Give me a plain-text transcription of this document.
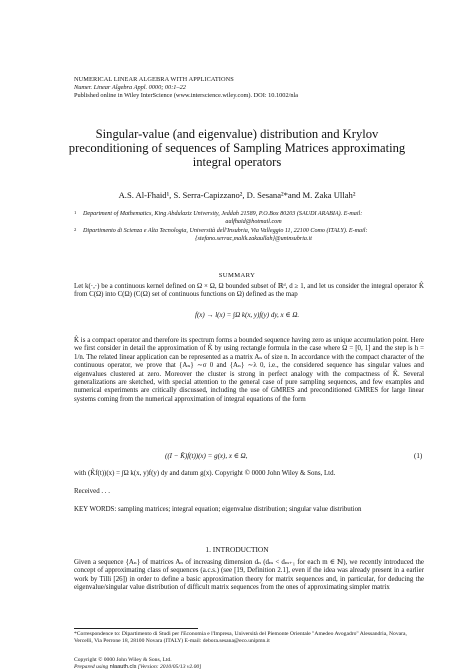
NUMERICAL LINEAR ALGEBRA WITH APPLICATIONS
Numer. Linear Algebra Appl. 0000; 00:1–22
Published online in Wiley InterScience (www.interscience.wiley.com). DOI: 10.1002/nla
Singular-value (and eigenvalue) distribution and Krylov
preconditioning of sequences of Sampling Matrices approximating
integral operators
A.S. Al-Fhaid¹, S. Serra-Capizzano², D. Sesana²*and M. Zaka Ullah²
1 Department of Mathematics, King Abdulaziz University, Jeddah 21589, P.O.Box 80203 (SAUDI ARABIA). E-mail:
aalfhaid@hotmail.com
2 Dipartimento di Scienza e Alta Tecnologia, Università dell'Insubria, Via Valleggio 11, 22100 Como (ITALY). E-mail:
{stefano.serrac,malik.zakaullah}@uninsubria.it
SUMMARY
Let k(·,·) be a continuous kernel defined on Ω × Ω, Ω bounded subset of ℝᵈ, d ≥ 1, and let us consider the integral operator K̂ from C(Ω) into C(Ω) (C(Ω) set of continuous functions on Ω) defined as the map
f(x) → l(x) = ∫Ω k(x, y)f(y) dy, x ∈ Ω.
K̂ is a compact operator and therefore its spectrum forms a bounded sequence having zero as unique accumulation point. Here we first consider in detail the approximation of K̂ by using rectangle formula in the case where Ω = [0, 1] and the step is h = 1/n. The related linear application can be represented as a matrix Aₙ of size n. In accordance with the compact character of the continuous operator, we prove that {Aₙ} ∼σ 0 and {Aₙ} ∼λ 0, i.e., the considered sequence has singular values and eigenvalues clustered at zero. Moreover the cluster is strong in perfect analogy with the compactness of K̂. Several generalizations are sketched, with special attention to the general case of pure sampling sequences, and few examples and numerical experiments are critically discussed, including the use of GMRES and preconditioned GMRES for large linear systems coming from the numerical approximation of integral equations of the form
((I − K̂)f(t))(x) = g(x), x ∈ Ω,	(1)
with (K̂f(t))(x) = ∫Ω k(x, y)f(y) dy and datum g(x). Copyright © 0000 John Wiley & Sons, Ltd.
Received . . .
KEY WORDS: sampling matrices; integral equation; eigenvalue distribution; singular value distribution
1. INTRODUCTION
Given a sequence {Aₙ} of matrices Aₙ of increasing dimension dₙ (dₘ < dₘ₊₁ for each m ∈ ℕ), we recently introduced the concept of approximating class of sequences (a.c.s.) (see [19, Definition 2.1], even if the idea was already present in a earlier work by Tilli [26]) in order to define a basic approximation theory for matrix sequences and, in particular, for deducing the eigenvalue/singular value distribution of difficult matrix sequences from the ones of approximating simpler matrix
*Correspondence to: Dipartimento di Studi per l'Economia e l'Impresa, Università del Piemonte Orientale "Amedeo Avogadro" Alessandria, Novara, Vercelli, Via Perrone 18, 28100 Novara (ITALY) E-mail: debora.sesana@eco.unipmn.it
Copyright © 0000 John Wiley & Sons, Ltd.
Prepared using nlaauth.cls [Version: 2010/05/13 v2.00]
